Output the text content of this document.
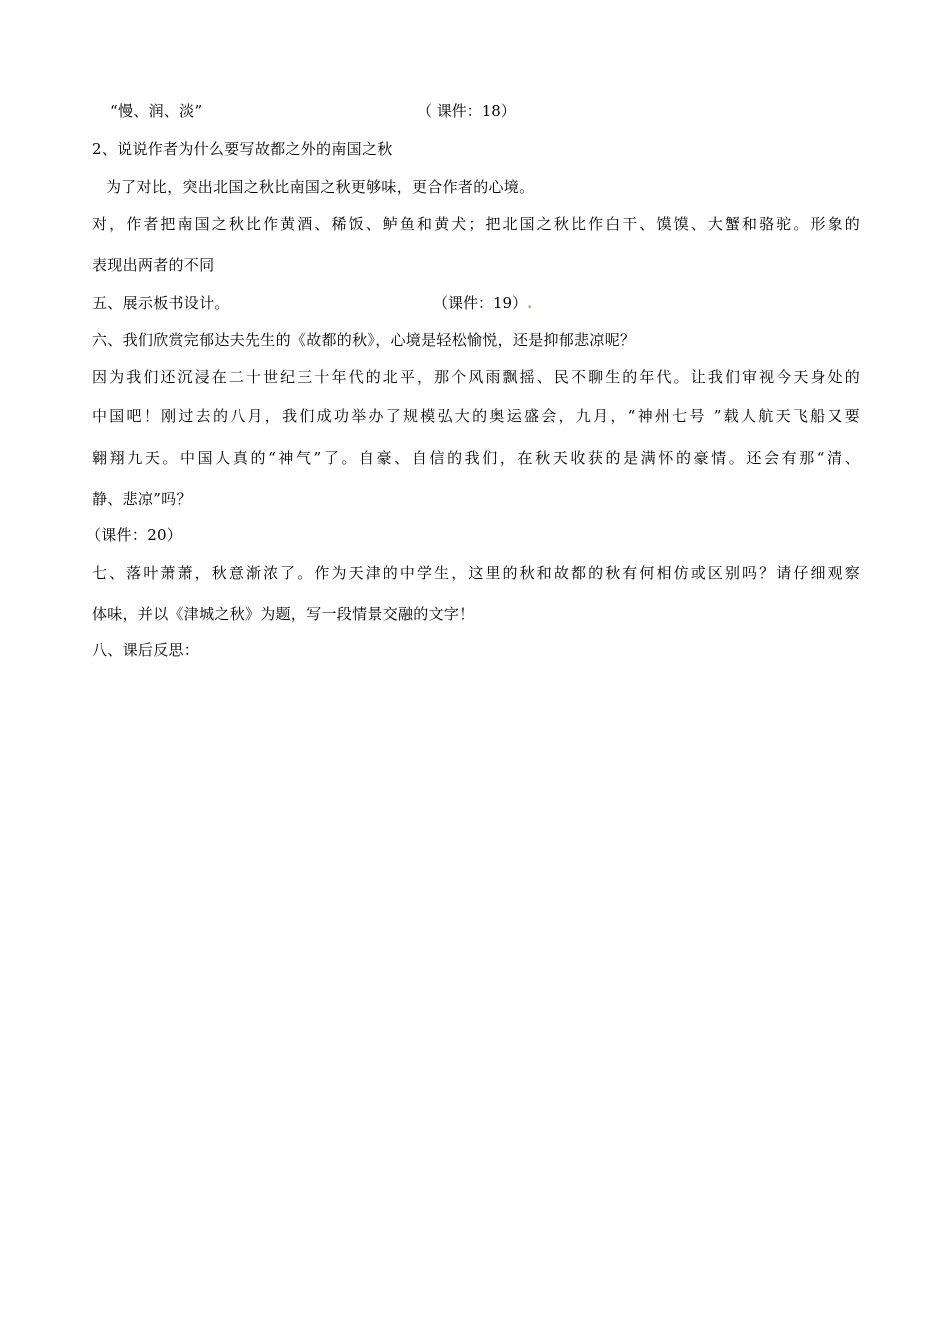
“慢、润、淡”	（ 课件：18）
2、说说作者为什么要写故都之外的南国之秋
为了对比，突出北国之秋比南国之秋更够味，更合作者的心境。
对，作者把南国之秋比作黄酒、稀饭、鲈鱼和黄犬；把北国之秋比作白干、馍馍、大蟹和骆驼。形象的
表现出两者的不同
五、展示板书设计。	（课件：19）.
六、我们欣赏完郁达夫先生的《故都的秋》，心境是轻松愉悦，还是抑郁悲凉呢？
因为我们还沉浸在二十世纪三十年代的北平，那个风雨飘摇、民不聊生的年代。让我们审视今天身处的
中国吧！刚过去的八月，我们成功举办了规模弘大的奥运盛会，九月，“神州七号 ”载人航天飞船又要
翱翔九天。中国人真的“神气”了。自豪、自信的我们，在秋天收获的是满怀的豪情。还会有那“清、
静、悲凉”吗？
（课件：20）
七、落叶萧萧，秋意渐浓了。作为天津的中学生，这里的秋和故都的秋有何相仿或区别吗？请仔细观察
体味，并以《津城之秋》为题，写一段情景交融的文字！
八、课后反思：
